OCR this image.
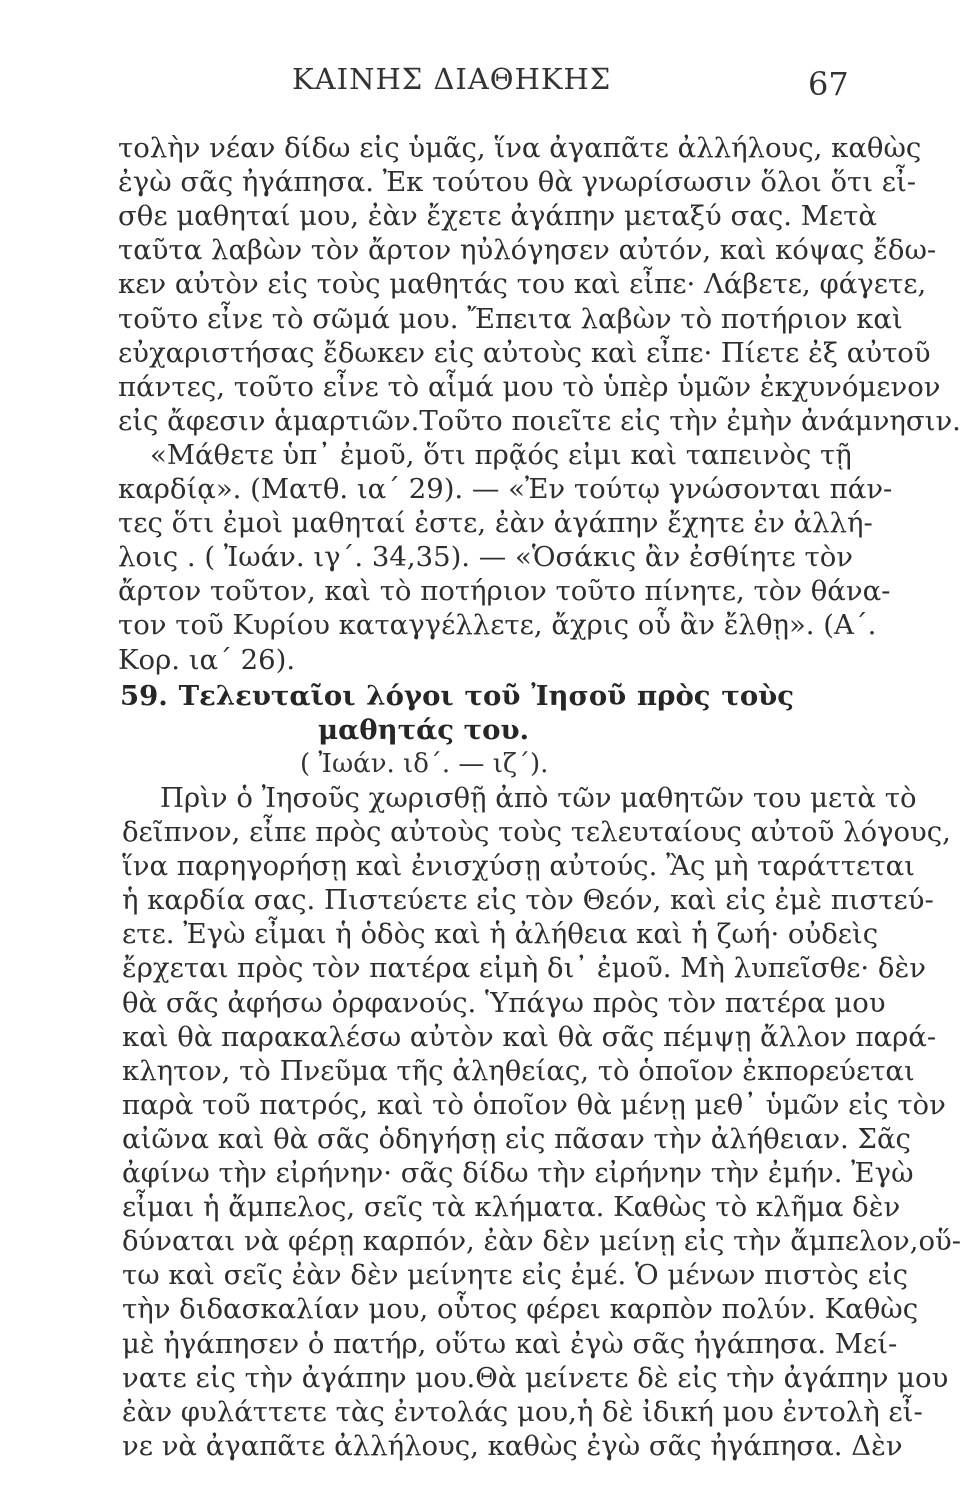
ΚΑΙΝΗΣ ΔΙΑΘΗΚΗΣ	67
τολὴν νέαν δίδω εἰς ὑμᾶς, ἵνα ἀγαπᾶτε ἀλλήλους, καθὼς
ἐγὼ σᾶς ἠγάπησα. Ἐκ τούτου θὰ γνωρίσωσιν ὅλοι ὅτι εἶ-
σθε μαθηταί μου, ἐὰν ἔχετε ἀγάπην μεταξύ σας. Μετὰ
ταῦτα λαβὼν τὸν ἄρτον ηὐλόγησεν αὐτόν, καὶ κόψας ἔδω-
κεν αὐτὸν εἰς τοὺς μαθητάς του καὶ εἶπε· Λάβετε, φάγετε,
τοῦτο εἶνε τὸ σῶμά μου. Ἔπειτα λαβὼν τὸ ποτήριον καὶ
εὐχαριστήσας ἔδωκεν εἰς αὐτοὺς καὶ εἶπε· Πίετε ἐξ αὐτοῦ
πάντες, τοῦτο εἶνε τὸ αἷμά μου τὸ ὑπὲρ ὑμῶν ἐκχυνόμενον
εἰς ἄφεσιν ἁμαρτιῶν.Τοῦτο ποιεῖτε εἰς τὴν ἐμὴν ἀνάμνησιν.
«Μάθετε ὑπ᾽ ἐμοῦ, ὅτι πρᾷός εἰμι καὶ ταπεινὸς τῇ
καρδίᾳ». (Ματθ. ια΄ 29). — «Ἐν τούτῳ γνώσονται πάν-
τες ὅτι ἐμοὶ μαθηταί ἐστε, ἐὰν ἀγάπην ἔχητε ἐν ἀλλή-
λοις . ( Ἰωάν. ιγ΄. 34,35). — «Ὁσάκις ἂν ἐσθίητε τὸν
ἄρτον τοῦτον, καὶ τὸ ποτήριον τοῦτο πίνητε, τὸν θάνα-
τον τοῦ Κυρίου καταγγέλλετε, ἄχρις οὗ ἂν ἔλθῃ». (Α΄.
Κορ. ια΄ 26).
59. Τελευταῖοι λόγοι τοῦ Ἰησοῦ πρὸς τοὺς
μαθητάς του.
( Ἰωάν. ιδ΄. — ιζ΄).
Πρὶν ὁ Ἰησοῦς χωρισθῇ ἀπὸ τῶν μαθητῶν του μετὰ τὸ
δεῖπνον, εἶπε πρὸς αὐτοὺς τοὺς τελευταίους αὐτοῦ λόγους,
ἵνα παρηγορήσῃ καὶ ἐνισχύσῃ αὐτούς. Ἂς μὴ ταράττεται
ἡ καρδία σας. Πιστεύετε εἰς τὸν Θεόν, καὶ εἰς ἐμὲ πιστεύ-
ετε. Ἐγὼ εἶμαι ἡ ὁδὸς καὶ ἡ ἀλήθεια καὶ ἡ ζωή· οὐδεὶς
ἔρχεται πρὸς τὸν πατέρα εἰμὴ δι᾽ ἐμοῦ. Μὴ λυπεῖσθε· δὲν
θὰ σᾶς ἀφήσω ὀρφανούς. Ὑπάγω πρὸς τὸν πατέρα μου
καὶ θὰ παρακαλέσω αὐτὸν καὶ θὰ σᾶς πέμψῃ ἄλλον παρά-
κλητον, τὸ Πνεῦμα τῆς ἀληθείας, τὸ ὁποῖον ἐκπορεύεται
παρὰ τοῦ πατρός, καὶ τὸ ὁποῖον θὰ μένῃ μεθ᾽ ὑμῶν εἰς τὸν
αἰῶνα καὶ θὰ σᾶς ὁδηγήσῃ εἰς πᾶσαν τὴν ἀλήθειαν. Σᾶς
ἀφίνω τὴν εἰρήνην· σᾶς δίδω τὴν εἰρήνην τὴν ἐμήν. Ἐγὼ
εἶμαι ἡ ἄμπελος, σεῖς τὰ κλήματα. Καθὼς τὸ κλῆμα δὲν
δύναται νὰ φέρῃ καρπόν, ἐὰν δὲν μείνῃ εἰς τὴν ἄμπελον,οὕ-
τω καὶ σεῖς ἐὰν δὲν μείνητε εἰς ἐμέ. Ὁ μένων πιστὸς εἰς
τὴν διδασκαλίαν μου, οὗτος φέρει καρπὸν πολύν. Καθὼς
μὲ ἠγάπησεν ὁ πατήρ, οὕτω καὶ ἐγὼ σᾶς ἠγάπησα. Μεί-
νατε εἰς τὴν ἀγάπην μου.Θὰ μείνετε δὲ εἰς τὴν ἀγάπην μου
ἐὰν φυλάττετε τὰς ἐντολάς μου,ἡ δὲ ἰδική μου ἐντολὴ εἶ-
νε νὰ ἀγαπᾶτε ἀλλήλους, καθὼς ἐγὼ σᾶς ἠγάπησα. Δὲν
